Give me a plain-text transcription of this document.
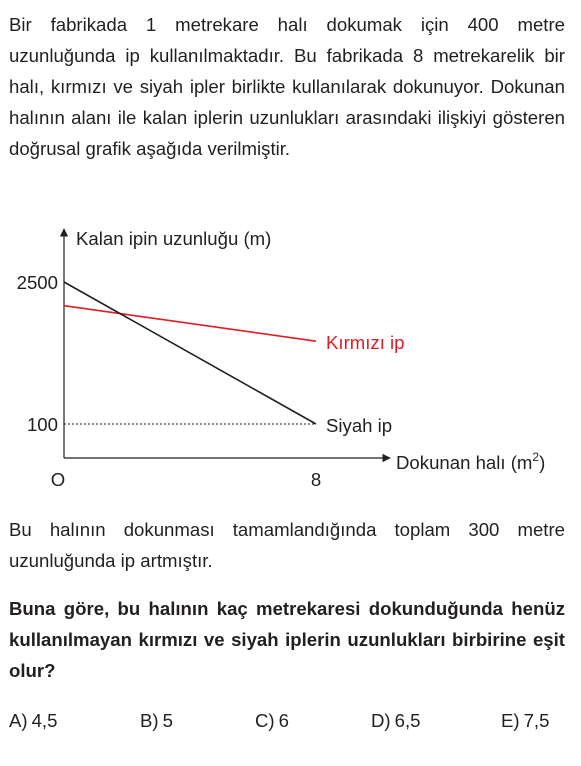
Bir fabrikada 1 metrekare halı dokumak için 400 metre uzunluğunda ip kullanılmaktadır. Bu fabrikada 8 metrekarelik bir halı, kırmızı ve siyah ipler birlikte kullanılarak dokunuyor. Dokunan halının alanı ile kalan iplerin uzunlukları arasındaki ilişkiyi gösteren doğrusal grafik aşağıda verilmiştir.

Kalan ipin uzunluğu (m)
2500
100
O	8
Dokunan halı $(m^2)$
Kırmızı ip
Siyah ip

Bu halının dokunması tamamlandığında toplam 300 metre uzunluğunda ip artmıştır.

Buna göre, bu halının kaç metrekaresi dokunduğunda henüz kullanılmayan kırmızı ve siyah iplerin uzunlukları birbirine eşit olur?

A) 4,5	B) 5	C) 6	D) 6,5	E) 7,5
